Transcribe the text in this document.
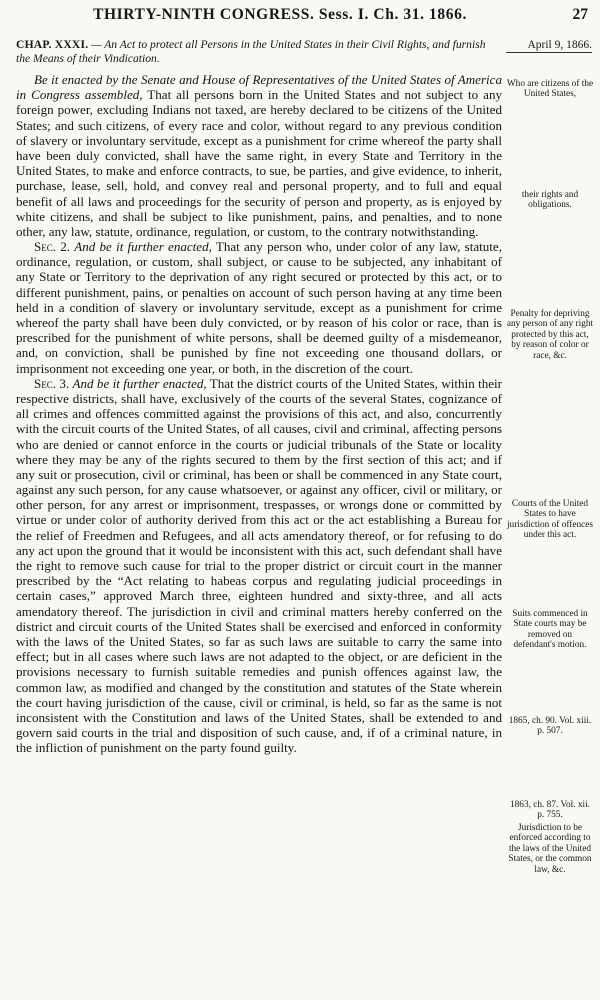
THIRTY-NINTH CONGRESS. Sess. I. Ch. 31. 1866.	27
CHAP. XXXI. — An Act to protect all Persons in the United States in their Civil Rights, and furnish the Means of their Vindication.
April 9, 1866.

Be it enacted by the Senate and House of Representatives of the United States of America in Congress assembled, That all persons born in the United States and not subject to any foreign power, excluding Indians not taxed, are hereby declared to be citizens of the United States; and such citizens, of every race and color, without regard to any previous condition of slavery or involuntary servitude, except as a punishment for crime whereof the party shall have been duly convicted, shall have the same right, in every State and Territory in the United States, to make and enforce contracts, to sue, be parties, and give evidence, to inherit, purchase, lease, sell, hold, and convey real and personal property, and to full and equal benefit of all laws and proceedings for the security of person and property, as is enjoyed by white citizens, and shall be subject to like punishment, pains, and penalties, and to none other, any law, statute, ordinance, regulation, or custom, to the contrary notwithstanding.

Sec. 2. And be it further enacted, That any person who, under color of any law, statute, ordinance, regulation, or custom, shall subject, or cause to be subjected, any inhabitant of any State or Territory to the deprivation of any right secured or protected by this act, or to different punishment, pains, or penalties on account of such person having at any time been held in a condition of slavery or involuntary servitude, except as a punishment for crime whereof the party shall have been duly convicted, or by reason of his color or race, than is prescribed for the punishment of white persons, shall be deemed guilty of a misdemeanor, and, on conviction, shall be punished by fine not exceeding one thousand dollars, or imprisonment not exceeding one year, or both, in the discretion of the court.

Sec. 3. And be it further enacted, That the district courts of the United States, within their respective districts, shall have, exclusively of the courts of the several States, cognizance of all crimes and offences committed against the provisions of this act, and also, concurrently with the circuit courts of the United States, of all causes, civil and criminal, affecting persons who are denied or cannot enforce in the courts or judicial tribunals of the State or locality where they may be any of the rights secured to them by the first section of this act; and if any suit or prosecution, civil or criminal, has been or shall be commenced in any State court, against any such person, for any cause whatsoever, or against any officer, civil or military, or other person, for any arrest or imprisonment, trespasses, or wrongs done or committed by virtue or under color of authority derived from this act or the act establishing a Bureau for the relief of Freedmen and Refugees, and all acts amendatory thereof, or for refusing to do any act upon the ground that it would be inconsistent with this act, such defendant shall have the right to remove such cause for trial to the proper district or circuit court in the manner prescribed by the “Act relating to habeas corpus and regulating judicial proceedings in certain cases,” approved March three, eighteen hundred and sixty-three, and all acts amendatory thereof. The jurisdiction in civil and criminal matters hereby conferred on the district and circuit courts of the United States shall be exercised and enforced in conformity with the laws of the United States, so far as such laws are suitable to carry the same into effect; but in all cases where such laws are not adapted to the object, or are deficient in the provisions necessary to furnish suitable remedies and punish offences against law, the common law, as modified and changed by the constitution and statutes of the State wherein the court having jurisdiction of the cause, civil or criminal, is held, so far as the same is not inconsistent with the Constitution and laws of the United States, shall be extended to and govern said courts in the trial and disposition of such cause, and, if of a criminal nature, in the infliction of punishment on the party found guilty.

Who are citizens of the United States,
their rights and obligations.
Penalty for depriving any person of any right protected by this act, by reason of color or race, &c.
Courts of the United States to have jurisdiction of offences under this act.
Suits commenced in State courts may be removed on defendant's motion.
1865, ch. 90. Vol. xiii. p. 507.
1863, ch. 87. Vol. xii. p. 755.
Jurisdiction to be enforced according to the laws of the United States, or the common law, &c.
